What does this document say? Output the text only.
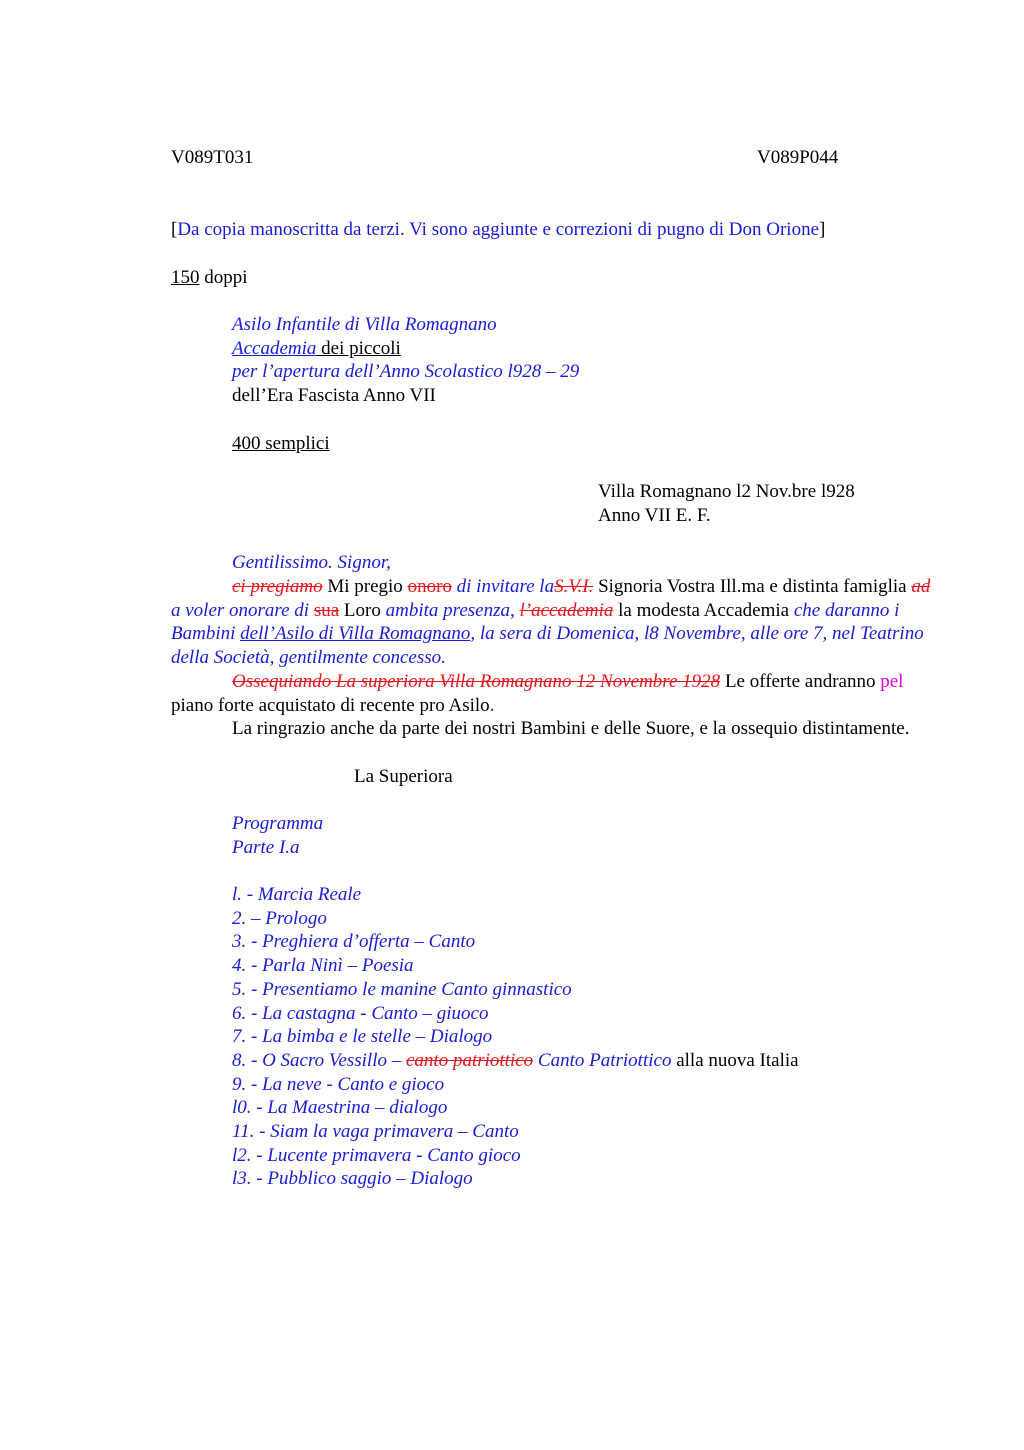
V089T031	V089P044
[Da copia manoscritta da terzi. Vi sono aggiunte e correzioni di pugno di Don Orione]
150 doppi
Asilo Infantile di Villa Romagnano
Accademia dei piccoli
per l’apertura dell’Anno Scolastico l928 – 29
dell’Era Fascista Anno VII
400 semplici
Villa Romagnano l2 Nov.bre l928
Anno VII E. F.
Gentilissimo. Signor,

ci pregiamo Mi pregio onoro di invitare laS.V.I. Signoria Vostra Ill.ma e distinta famiglia ad a voler onorare di sua Loro ambita presenza, l’accademia la modesta Accademia che daranno i Bambini dell’Asilo di Villa Romagnano, la sera di Domenica, l8 Novembre, alle ore 7, nel Teatrino della Società, gentilmente concesso.

Ossequiando La superiora Villa Romagnano 12 Novembre 1928 Le offerte andranno pel piano forte acquistato di recente pro Asilo.

La ringrazio anche da parte dei nostri Bambini e delle Suore, e la ossequio distintamente.

La Superiora
Programma
Parte I.a
l. - Marcia Reale
2. – Prologo
3. - Preghiera d’offerta – Canto
4. - Parla Ninì – Poesia
5. - Presentiamo le manine Canto ginnastico
6. - La castagna - Canto – giuoco
7. - La bimba e le stelle – Dialogo
8. - O Sacro Vessillo – canto patriottico Canto Patriottico alla nuova Italia
9. - La neve - Canto e gioco
l0. - La Maestrina – dialogo
11. - Siam la vaga primavera – Canto
l2. - Lucente primavera - Canto gioco
l3. - Pubblico saggio – Dialogo
